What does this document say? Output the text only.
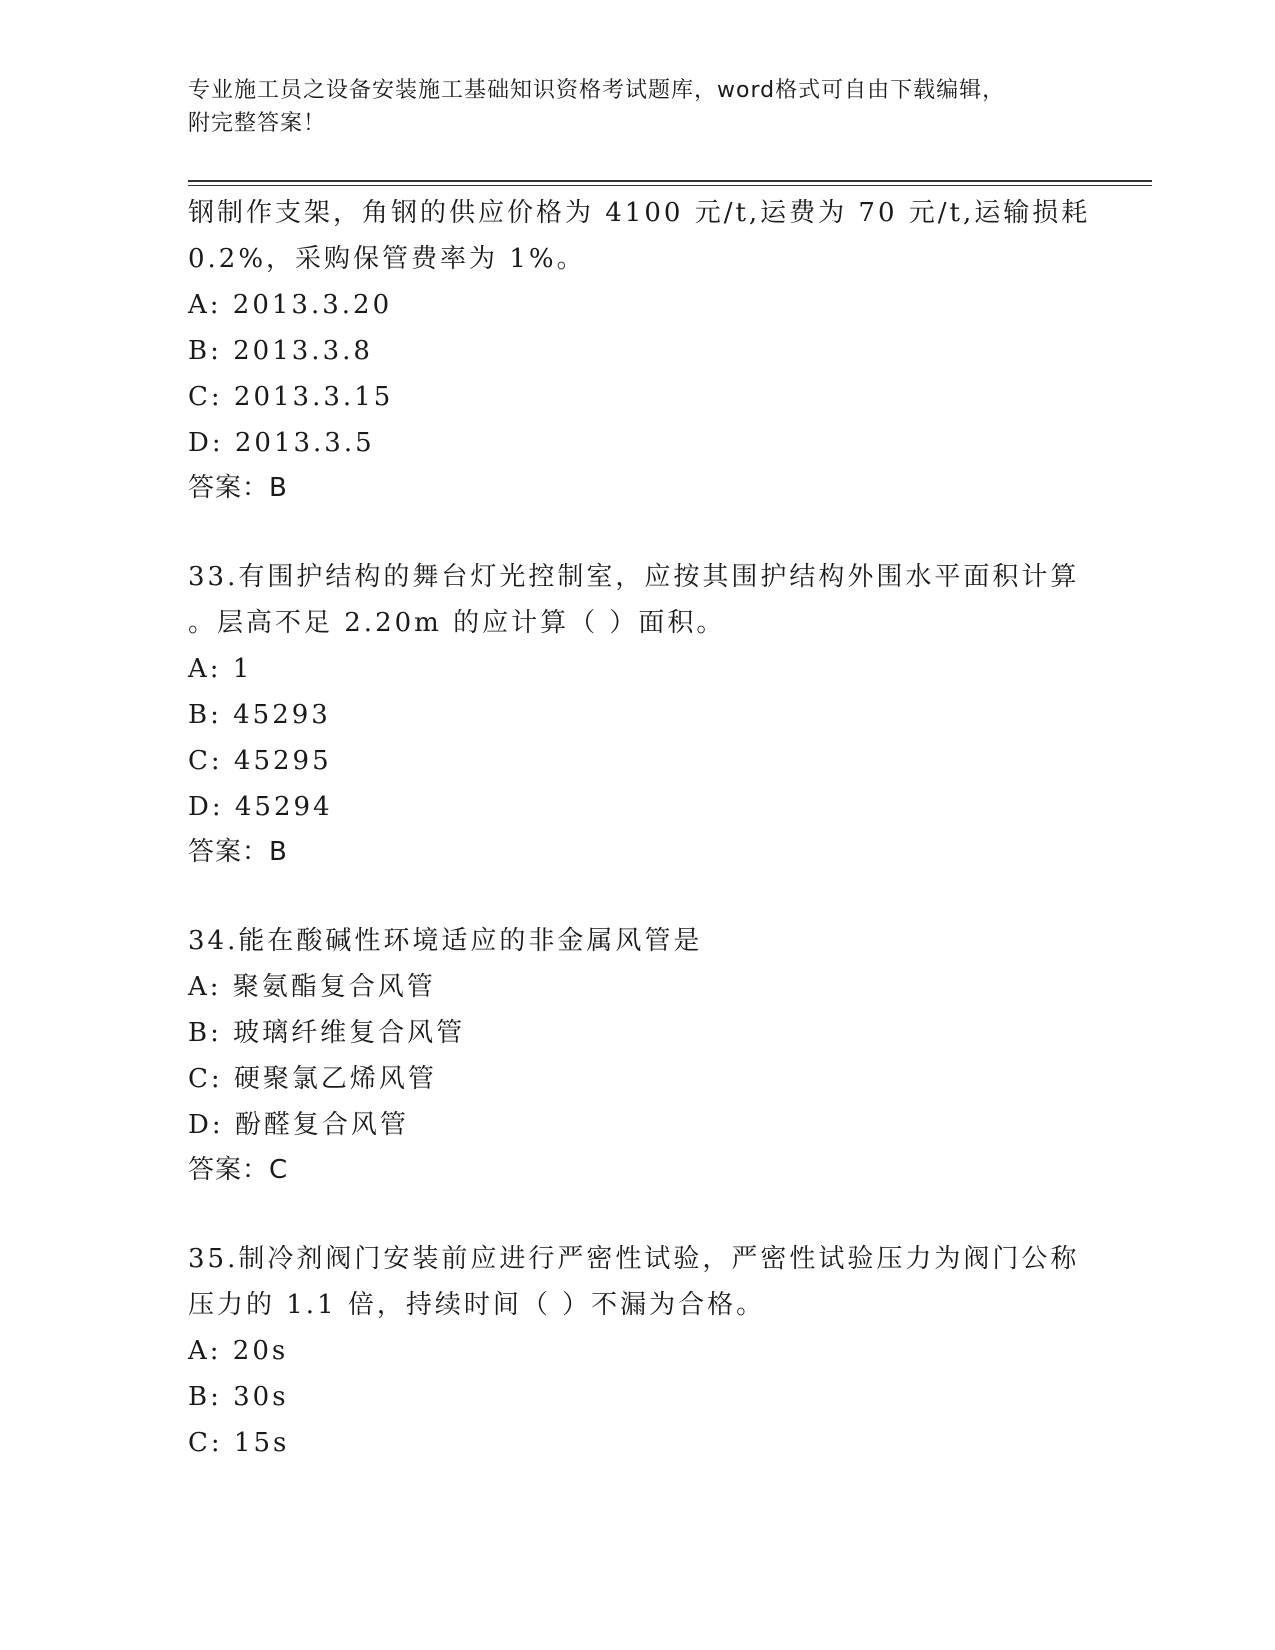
专业施工员之设备安装施工基础知识资格考试题库，word格式可自由下载编辑，
附完整答案！
钢制作支架，角钢的供应价格为 4100 元/t,运费为 70 元/t,运输损耗
0.2%，采购保管费率为 1%。
A: 2013.3.20
B: 2013.3.8
C: 2013.3.15
D: 2013.3.5
答案：B
33.有围护结构的舞台灯光控制室，应按其围护结构外围水平面积计算
。层高不足 2.20m 的应计算（ ）面积。
A: 1
B: 45293
C: 45295
D: 45294
答案：B
34.能在酸碱性环境适应的非金属风管是
A: 聚氨酯复合风管
B: 玻璃纤维复合风管
C: 硬聚氯乙烯风管
D: 酚醛复合风管
答案：C
35.制冷剂阀门安装前应进行严密性试验，严密性试验压力为阀门公称
压力的 1.1 倍，持续时间（ ）不漏为合格。
A: 20s
B: 30s
C: 15s
